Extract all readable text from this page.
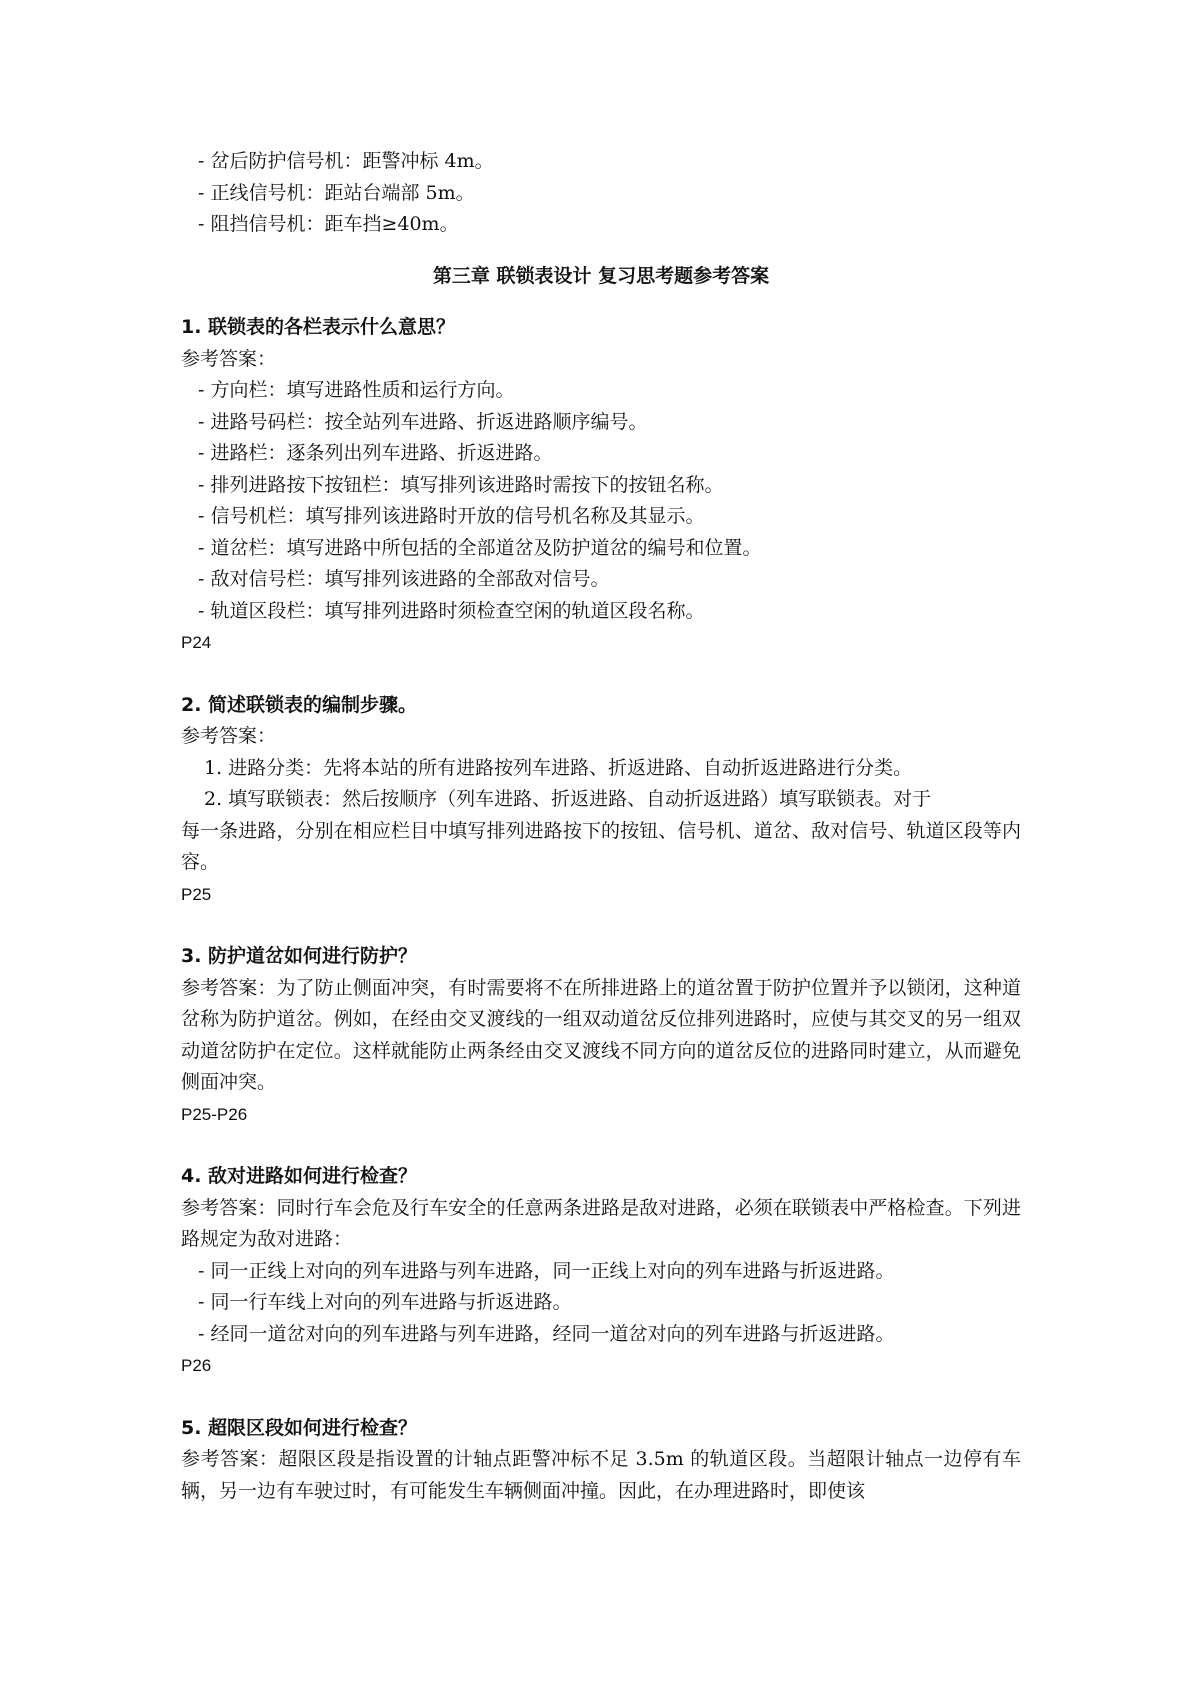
- 岔后防护信号机：距警冲标 4m。

- 正线信号机：距站台端部 5m。

- 阻挡信号机：距车挡≥40m。

第三章 联锁表设计 复习思考题参考答案

1. 联锁表的各栏表示什么意思？

参考答案：

- 方向栏：填写进路性质和运行方向。

- 进路号码栏：按全站列车进路、折返进路顺序编号。

- 进路栏：逐条列出列车进路、折返进路。

- 排列进路按下按钮栏：填写排列该进路时需按下的按钮名称。

- 信号机栏：填写排列该进路时开放的信号机名称及其显示。

- 道岔栏：填写进路中所包括的全部道岔及防护道岔的编号和位置。

- 敌对信号栏：填写排列该进路的全部敌对信号。

- 轨道区段栏：填写排列进路时须检查空闲的轨道区段名称。

P24

2. 简述联锁表的编制步骤。

参考答案：

1. 进路分类：先将本站的所有进路按列车进路、折返进路、自动折返进路进行分类。

2. 填写联锁表：然后按顺序（列车进路、折返进路、自动折返进路）填写联锁表。对于

每一条进路，分别在相应栏目中填写排列进路按下的按钮、信号机、道岔、敌对信号、轨道区段等内容。

P25

3. 防护道岔如何进行防护？

参考答案：为了防止侧面冲突，有时需要将不在所排进路上的道岔置于防护位置并予以锁闭，这种道岔称为防护道岔。例如，在经由交叉渡线的一组双动道岔反位排列进路时，应使与其交叉的另一组双动道岔防护在定位。这样就能防止两条经由交叉渡线不同方向的道岔反位的进路同时建立，从而避免侧面冲突。

P25-P26

4. 敌对进路如何进行检查？

参考答案：同时行车会危及行车安全的任意两条进路是敌对进路，必须在联锁表中严格检查。下列进路规定为敌对进路：

- 同一正线上对向的列车进路与列车进路，同一正线上对向的列车进路与折返进路。

- 同一行车线上对向的列车进路与折返进路。

- 经同一道岔对向的列车进路与列车进路，经同一道岔对向的列车进路与折返进路。

P26

5. 超限区段如何进行检查？

参考答案：超限区段是指设置的计轴点距警冲标不足 3.5m 的轨道区段。当超限计轴点一边停有车辆，另一边有车驶过时，有可能发生车辆侧面冲撞。因此，在办理进路时，即使该
